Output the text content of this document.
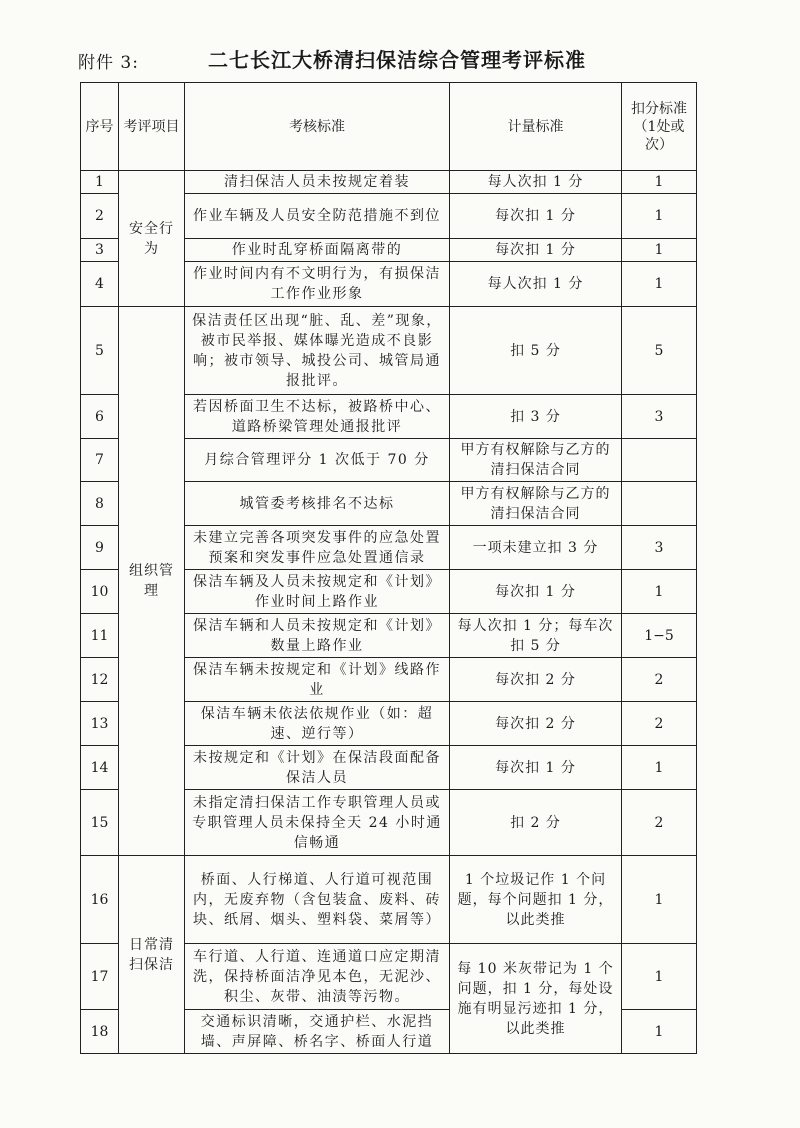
附件 3:	二七长江大桥清扫保洁综合管理考评标准
序号	考评项目	考核标准	计量标准	扣分标准（1处或次）
1	安全行为	清扫保洁人员未按规定着装	每人次扣 1 分	1
2		作业车辆及人员安全防范措施不到位	每次扣 1 分	1
3		作业时乱穿桥面隔离带的	每次扣 1 分	1
4		作业时间内有不文明行为，有损保洁工作作业形象	每人次扣 1 分	1
5	组织管理	保洁责任区出现“脏、乱、差”现象，被市民举报、媒体曝光造成不良影响；被市领导、城投公司、城管局通报批评。	扣 5 分	5
6		若因桥面卫生不达标，被路桥中心、道路桥梁管理处通报批评	扣 3 分	3
7		月综合管理评分 1 次低于 70 分	甲方有权解除与乙方的清扫保洁合同	
8		城管委考核排名不达标	甲方有权解除与乙方的清扫保洁合同	
9		未建立完善各项突发事件的应急处置预案和突发事件应急处置通信录	一项未建立扣 3 分	3
10		保洁车辆及人员未按规定和《计划》作业时间上路作业	每次扣 1 分	1
11		保洁车辆和人员未按规定和《计划》数量上路作业	每人次扣 1 分；每车次扣 5 分	1−5
12		保洁车辆未按规定和《计划》线路作业	每次扣 2 分	2
13		保洁车辆未依法依规作业（如：超速、逆行等）	每次扣 2 分	2
14		未按规定和《计划》在保洁段面配备保洁人员	每次扣 1 分	1
15		未指定清扫保洁工作专职管理人员或专职管理人员未保持全天 24 小时通信畅通	扣 2 分	2
16	日常清扫保洁	桥面、人行梯道、人行道可视范围内，无废弃物（含包装盒、废料、砖块、纸屑、烟头、塑料袋、菜屑等）	1 个垃圾记作 1 个问题，每个问题扣 1 分，以此类推	1
17		车行道、人行道、连通道口应定期清洗，保持桥面洁净见本色，无泥沙、积尘、灰带、油渍等污物。	每 10 米灰带记为 1 个问题，扣 1 分，每处设施有明显污迹扣 1 分，以此类推	1
18		交通标识清晰，交通护栏、水泥挡墙、声屏障、桥名字、桥面人行道		1
